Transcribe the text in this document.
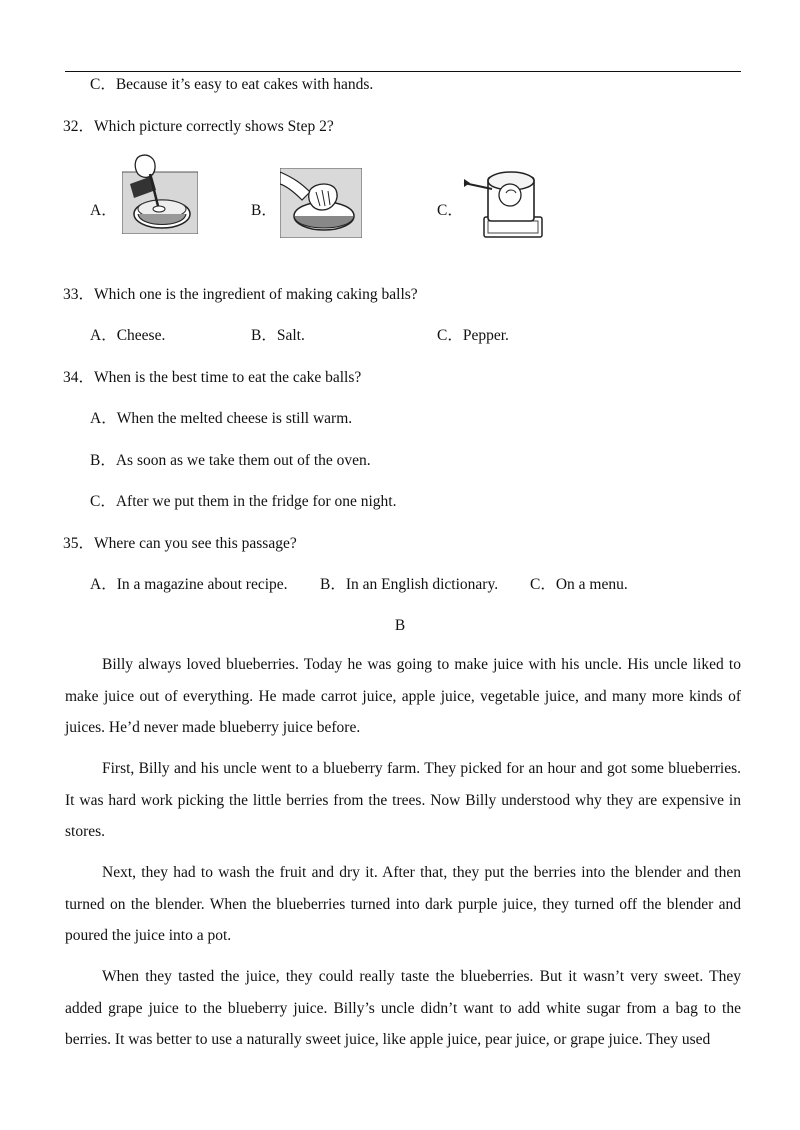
C．Because it’s easy to eat cakes with hands.
32．Which picture correctly shows Step 2?
A．	B．	C．
33．Which one is the ingredient of making caking balls?
A．Cheese.	B．Salt.	C．Pepper.
34．When is the best time to eat the cake balls?
A．When the melted cheese is still warm.
B．As soon as we take them out of the oven.
C．After we put them in the fridge for one night.
35．Where can you see this passage?
A．In a magazine about recipe. B．In an English dictionary. C．On a menu.
B
Billy always loved blueberries. Today he was going to make juice with his uncle. His uncle liked to make juice out of everything. He made carrot juice, apple juice, vegetable juice, and many more kinds of juices. He’d never made blueberry juice before.
First, Billy and his uncle went to a blueberry farm. They picked for an hour and got some blueberries. It was hard work picking the little berries from the trees. Now Billy understood why they are expensive in stores.
Next, they had to wash the fruit and dry it. After that, they put the berries into the blender and then turned on the blender. When the blueberries turned into dark purple juice, they turned off the blender and poured the juice into a pot.
When they tasted the juice, they could really taste the blueberries. But it wasn’t very sweet. They added grape juice to the blueberry juice. Billy’s uncle didn’t want to add white sugar from a bag to the berries. It was better to use a naturally sweet juice, like apple juice, pear juice, or grape juice. They used
